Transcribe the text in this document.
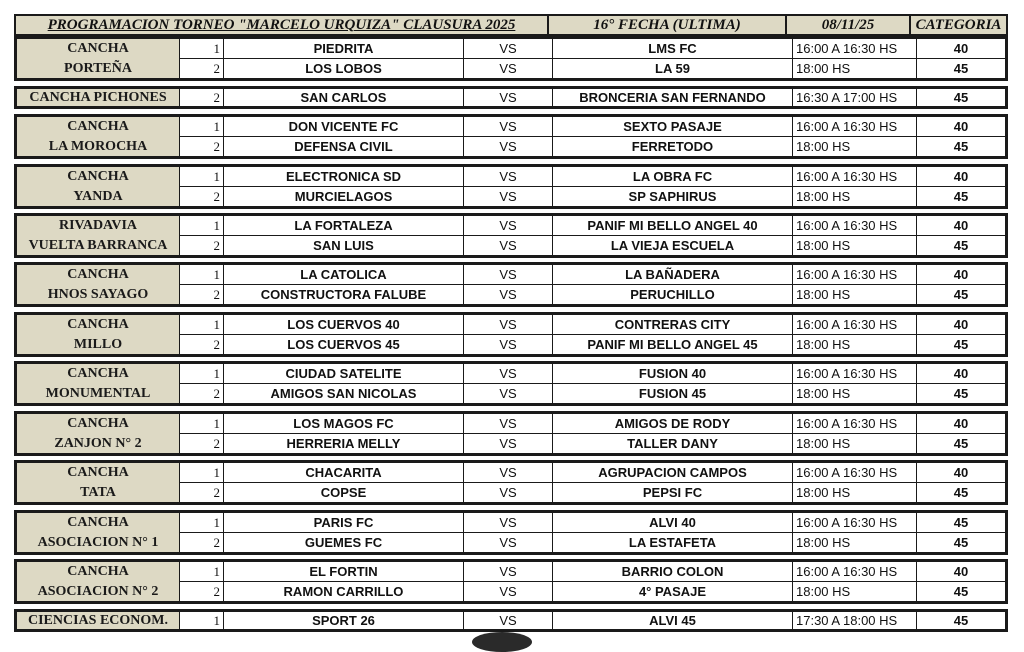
PROGRAMACION TORNEO "MARCELO URQUIZA" CLAUSURA 2025	16° FECHA (ULTIMA)	08/11/25	CATEGORIA
CANCHA
PORTEÑA
1	PIEDRITA	VS	LMS FC	16:00 A 16:30 HS	40
2	LOS LOBOS	VS	LA 59	18:00 HS	45
CANCHA PICHONES	2	SAN CARLOS	VS	BRONCERIA SAN FERNANDO	16:30 A 17:00 HS	45
CANCHA
LA MOROCHA
1	DON VICENTE FC	VS	SEXTO PASAJE	16:00 A 16:30 HS	40
2	DEFENSA CIVIL	VS	FERRETODO	18:00 HS	45
CANCHA
YANDA
1	ELECTRONICA SD	VS	LA OBRA FC	16:00 A 16:30 HS	40
2	MURCIELAGOS	VS	SP SAPHIRUS	18:00 HS	45
RIVADAVIA
VUELTA BARRANCA
1	LA FORTALEZA	VS	PANIF MI BELLO ANGEL 40	16:00 A 16:30 HS	40
2	SAN LUIS	VS	LA VIEJA ESCUELA	18:00 HS	45
CANCHA
HNOS SAYAGO
1	LA CATOLICA	VS	LA BAÑADERA	16:00 A 16:30 HS	40
2	CONSTRUCTORA FALUBE	VS	PERUCHILLO	18:00 HS	45
CANCHA
MILLO
1	LOS CUERVOS 40	VS	CONTRERAS CITY	16:00 A 16:30 HS	40
2	LOS CUERVOS 45	VS	PANIF MI BELLO ANGEL 45	18:00 HS	45
CANCHA
MONUMENTAL
1	CIUDAD SATELITE	VS	FUSION 40	16:00 A 16:30 HS	40
2	AMIGOS SAN NICOLAS	VS	FUSION 45	18:00 HS	45
CANCHA
ZANJON N° 2
1	LOS MAGOS FC	VS	AMIGOS DE RODY	16:00 A 16:30 HS	40
2	HERRERIA MELLY	VS	TALLER DANY	18:00 HS	45
CANCHA
TATA
1	CHACARITA	VS	AGRUPACION CAMPOS	16:00 A 16:30 HS	40
2	COPSE	VS	PEPSI FC	18:00 HS	45
CANCHA
ASOCIACION N° 1
1	PARIS FC	VS	ALVI 40	16:00 A 16:30 HS	45
2	GUEMES FC	VS	LA ESTAFETA	18:00 HS	45
CANCHA
ASOCIACION N° 2
1	EL FORTIN	VS	BARRIO COLON	16:00 A 16:30 HS	40
2	RAMON CARRILLO	VS	4° PASAJE	18:00 HS	45
CIENCIAS ECONOM.	1	SPORT 26	VS	ALVI 45	17:30 A 18:00 HS	45
